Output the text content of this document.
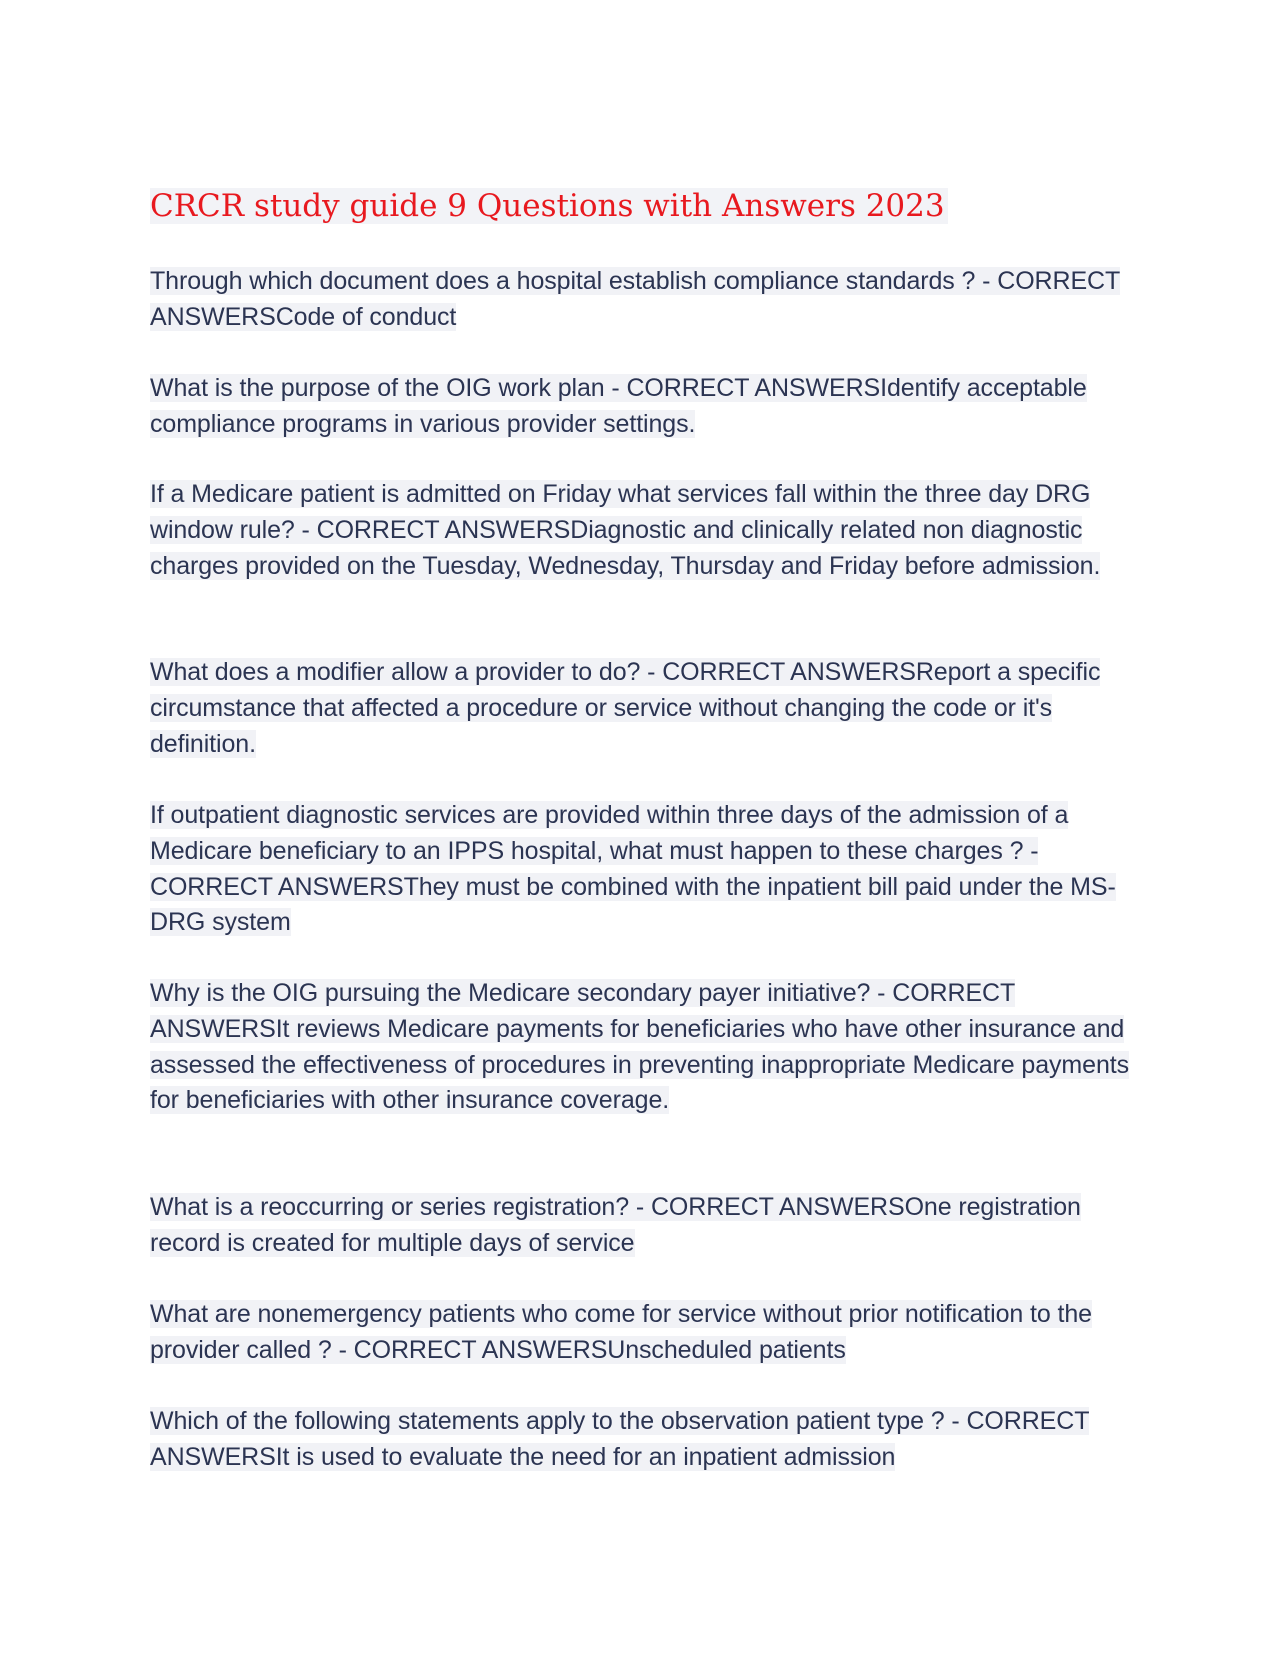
CRCR study guide 9 Questions with Answers 2023

Through which document does a hospital establish compliance standards ? - CORRECT ANSWERSCode of conduct

What is the purpose of the OIG work plan - CORRECT ANSWERSIdentify acceptable compliance programs in various provider settings.

If a Medicare patient is admitted on Friday what services fall within the three day DRG window rule? - CORRECT ANSWERSDiagnostic and clinically related non diagnostic charges provided on the Tuesday, Wednesday, Thursday and Friday before admission.

What does a modifier allow a provider to do? - CORRECT ANSWERSReport a specific circumstance that affected a procedure or service without changing the code or it's definition.

If outpatient diagnostic services are provided within three days of the admission of a Medicare beneficiary to an IPPS hospital, what must happen to these charges ? - CORRECT ANSWERSThey must be combined with the inpatient bill paid under the MS-DRG system

Why is the OIG pursuing the Medicare secondary payer initiative? - CORRECT ANSWERSIt reviews Medicare payments for beneficiaries who have other insurance and assessed the effectiveness of procedures in preventing inappropriate Medicare payments for beneficiaries with other insurance coverage.

What is a reoccurring or series registration? - CORRECT ANSWERSOne registration record is created for multiple days of service

What are nonemergency patients who come for service without prior notification to the provider called ? - CORRECT ANSWERSUnscheduled patients

Which of the following statements apply to the observation patient type ? - CORRECT ANSWERSIt is used to evaluate the need for an inpatient admission
